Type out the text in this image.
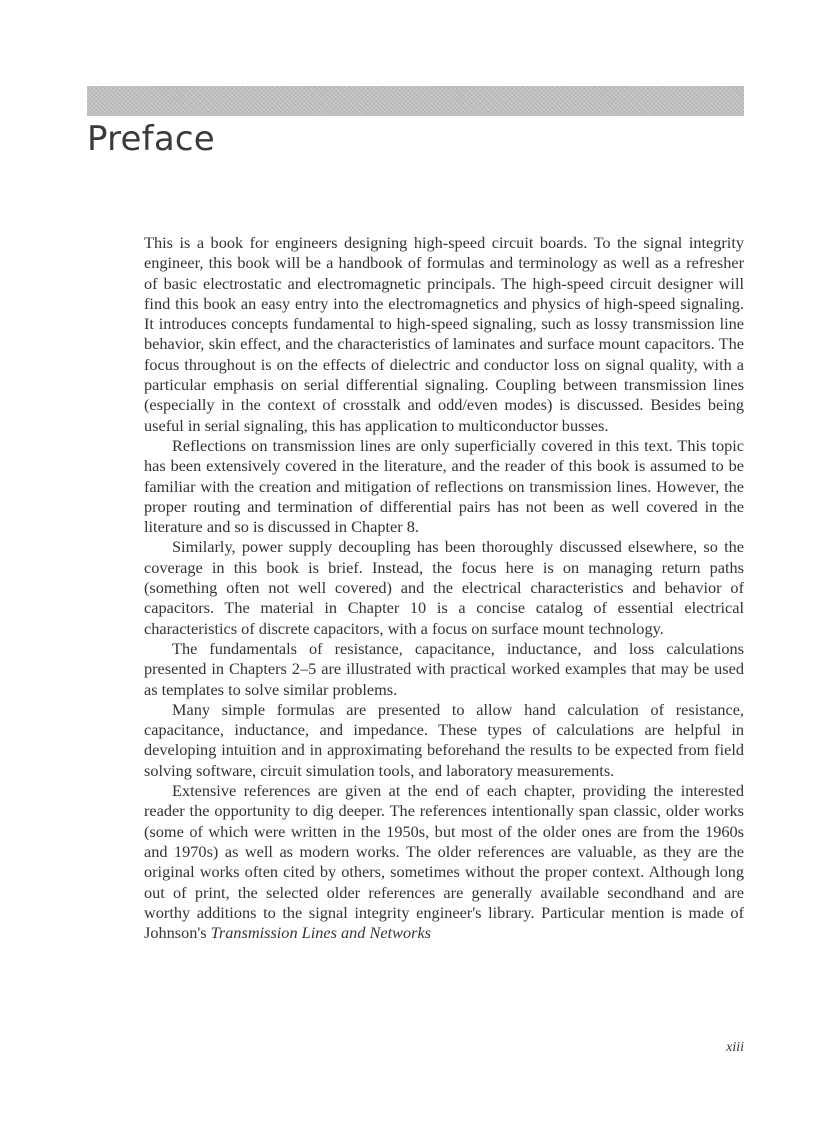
Preface

This is a book for engineers designing high-speed circuit boards. To the signal integrity engineer, this book will be a handbook of formulas and terminology as well as a refresher of basic electrostatic and electromagnetic principals. The high-speed circuit designer will find this book an easy entry into the electromagnetics and physics of high-speed signaling. It introduces concepts fundamental to high-speed signaling, such as lossy transmission line behavior, skin effect, and the characteristics of laminates and surface mount capacitors. The focus throughout is on the effects of dielectric and conductor loss on signal quality, with a particular emphasis on serial differential signaling. Coupling between transmission lines (especially in the context of crosstalk and odd/even modes) is discussed. Besides being useful in serial signaling, this has application to multiconductor busses.

Reflections on transmission lines are only superficially covered in this text. This topic has been extensively covered in the literature, and the reader of this book is assumed to be familiar with the creation and mitigation of reflections on transmission lines. However, the proper routing and termination of differential pairs has not been as well covered in the literature and so is discussed in Chapter 8.

Similarly, power supply decoupling has been thoroughly discussed elsewhere, so the coverage in this book is brief. Instead, the focus here is on managing return paths (something often not well covered) and the electrical characteristics and behavior of capacitors. The material in Chapter 10 is a concise catalog of essential electrical characteristics of discrete capacitors, with a focus on surface mount technology.

The fundamentals of resistance, capacitance, inductance, and loss calculations presented in Chapters 2–5 are illustrated with practical worked examples that may be used as templates to solve similar problems.

Many simple formulas are presented to allow hand calculation of resistance, capacitance, inductance, and impedance. These types of calculations are helpful in developing intuition and in approximating beforehand the results to be expected from field solving software, circuit simulation tools, and laboratory measurements.

Extensive references are given at the end of each chapter, providing the interested reader the opportunity to dig deeper. The references intentionally span classic, older works (some of which were written in the 1950s, but most of the older ones are from the 1960s and 1970s) as well as modern works. The older references are valuable, as they are the original works often cited by others, sometimes without the proper context. Although long out of print, the selected older references are generally available secondhand and are worthy additions to the signal integrity engineer's library. Particular mention is made of Johnson's Transmission Lines and Networks

xiii
